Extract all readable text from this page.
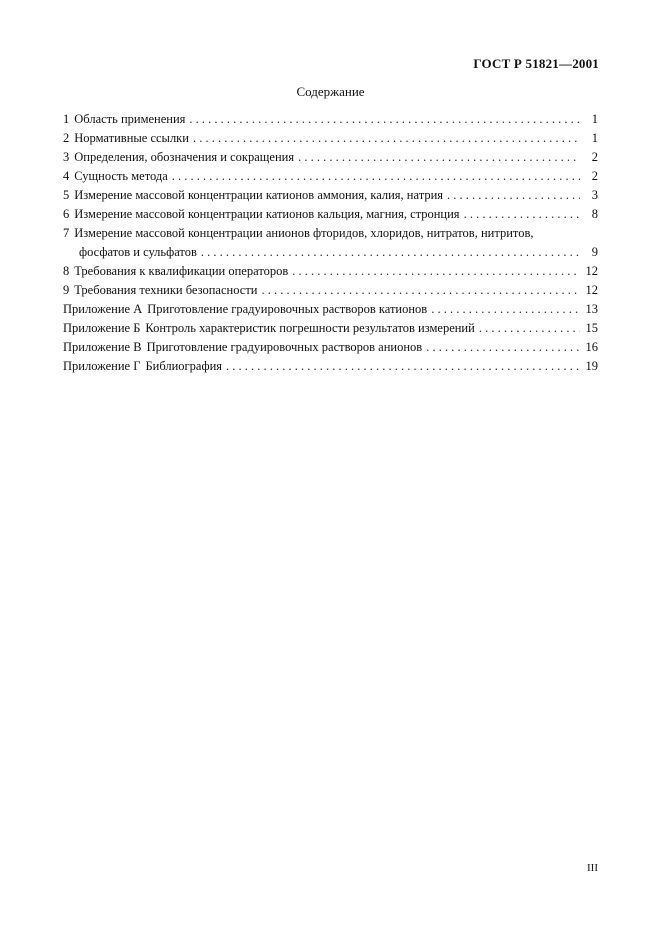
ГОСТ Р 51821—2001
Содержание
1 Область применения . . .	1
2 Нормативные ссылки . . .	1
3 Определения, обозначения и сокращения . . .	2
4 Сущность метода . . .	2
5 Измерение массовой концентрации катионов аммония, калия, натрия . . .	3
6 Измерение массовой концентрации катионов кальция, магния, стронция . . .	8
7 Измерение массовой концентрации анионов фторидов, хлоридов, нитратов, нитритов,
фосфатов и сульфатов . . .	9
8 Требования к квалификации операторов . . .	12
9 Требования техники безопасности . . .	12
Приложение А Приготовление градуировочных растворов катионов . . .	13
Приложение Б Контроль характеристик погрешности результатов измерений . . .	15
Приложение В Приготовление градуировочных растворов анионов . . .	16
Приложение Г Библиография . . .	19
III
